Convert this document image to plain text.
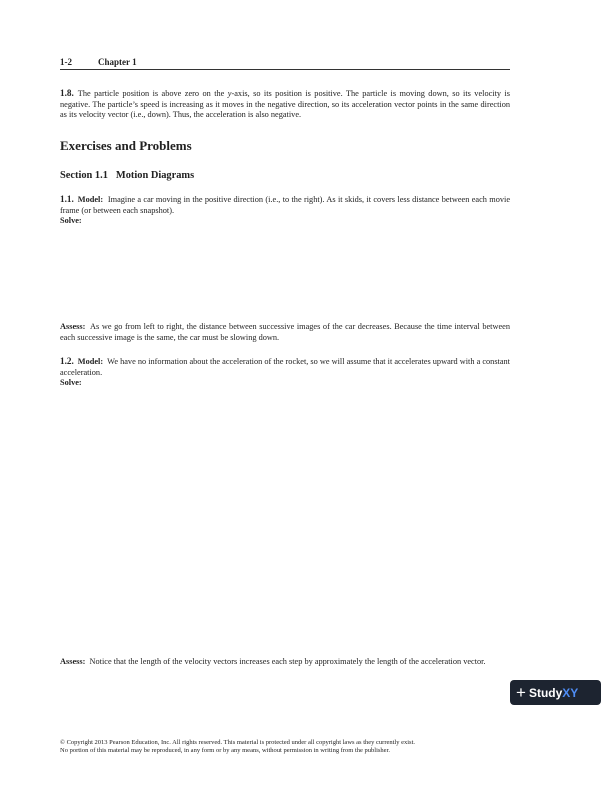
1-2	Chapter 1
1.8. The particle position is above zero on the y-axis, so its position is positive. The particle is moving down, so its velocity is negative. The particle’s speed is increasing as it moves in the negative direction, so its acceleration vector points in the same direction as its velocity vector (i.e., down). Thus, the acceleration is also negative.
Exercises and Problems
Section 1.1 Motion Diagrams
1.1. Model: Imagine a car moving in the positive direction (i.e., to the right). As it skids, it covers less distance between each movie frame (or between each snapshot).
Solve:
Assess: As we go from left to right, the distance between successive images of the car decreases. Because the time interval between each successive image is the same, the car must be slowing down.
1.2. Model: We have no information about the acceleration of the rocket, so we will assume that it accelerates upward with a constant acceleration.
Solve:
Assess: Notice that the length of the velocity vectors increases each step by approximately the length of the acceleration vector.
+ Study XY
© Copyright 2013 Pearson Education, Inc. All rights reserved. This material is protected under all copyright laws as they currently exist.
No portion of this material may be reproduced, in any form or by any means, without permission in writing from the publisher.
